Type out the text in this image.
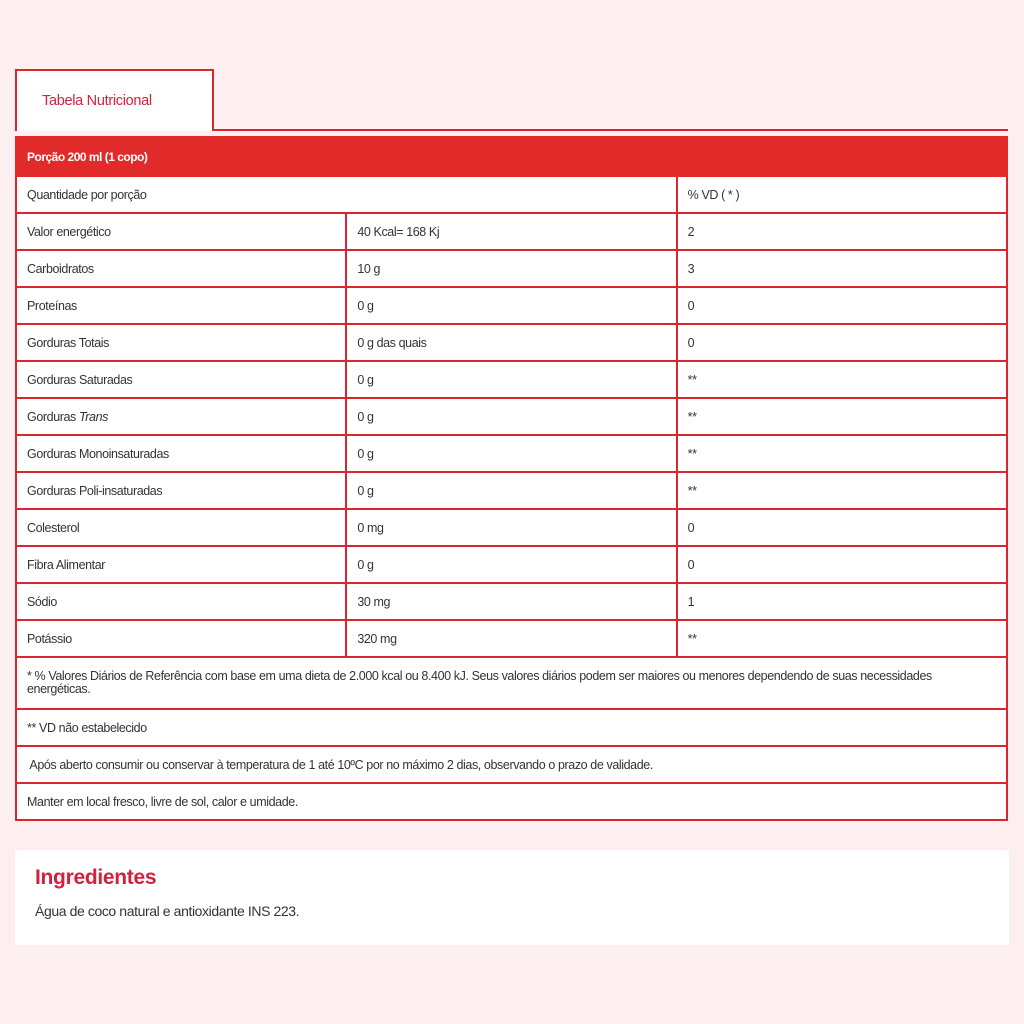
Tabela Nutricional
Porção 200 ml (1 copo)		
Quantidade por porção		% VD ( * )
Valor energético	40 Kcal= 168 Kj	2
Carboidratos	10 g	3
Proteínas	0 g	0
Gorduras Totais	0 g das quais	0
Gorduras Saturadas	0 g	**
Gorduras Trans	0 g	**
Gorduras Monoinsaturadas	0 g	**
Gorduras Poli-insaturadas	0 g	**
Colesterol	0 mg	0
Fibra Alimentar	0 g	0
Sódio	30 mg	1
Potássio	320 mg	**
* % Valores Diários de Referência com base em uma dieta de 2.000 kcal ou 8.400 kJ. Seus valores diários podem ser maiores ou menores dependendo de suas necessidades energéticas.		
** VD não estabelecido		
Após aberto consumir ou conservar à temperatura de 1 até 10ºC por no máximo 2 dias, observando o prazo de validade.		
Manter em local fresco, livre de sol, calor e umidade.		
Ingredientes

Água de coco natural e antioxidante INS 223.
